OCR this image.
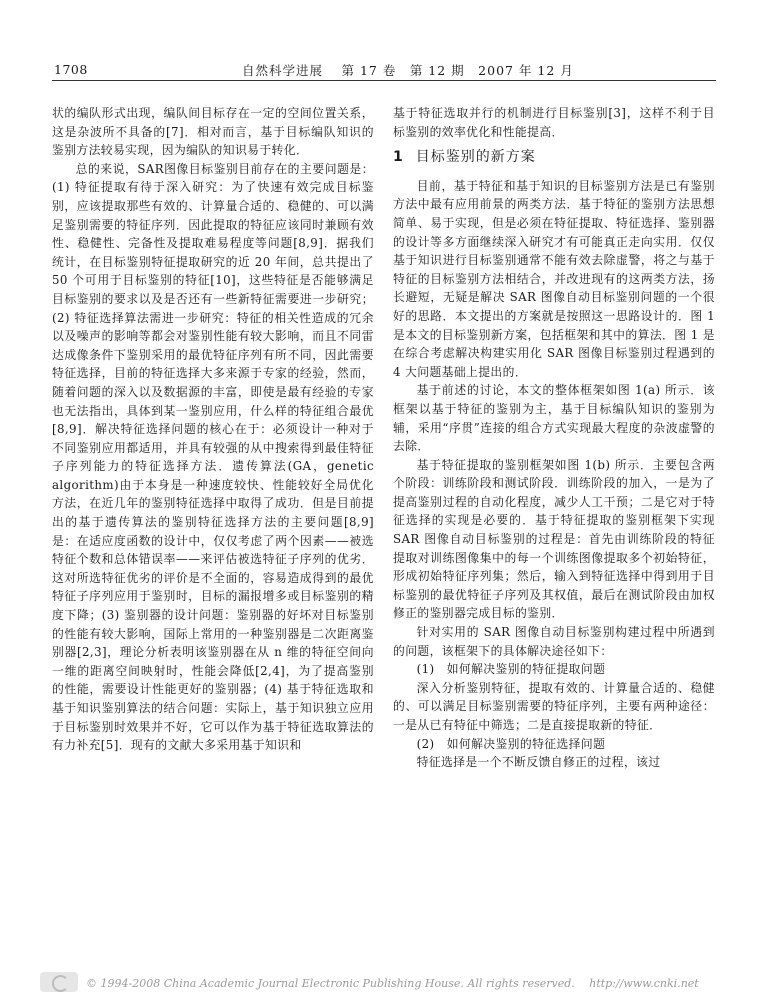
1708	自然科学进展　 第 17 卷　第 12 期　2007 年 12 月

状的编队形式出现，编队间目标存在一定的空间位置关系，这是杂波所不具备的[7]．相对而言，基于目标编队知识的鉴别方法较易实现，因为编队的知识易于转化．

总的来说，SAR图像目标鉴别目前存在的主要问题是：(1) 特征提取有待于深入研究：为了快速有效完成目标鉴别，应该提取那些有效的、计算量合适的、稳健的、可以满足鉴别需要的特征序列．因此提取的特征应该同时兼顾有效性、稳健性、完备性及提取难易程度等问题[8,9]．据我们统计，在目标鉴别特征提取研究的近 20 年间，总共提出了 50 个可用于目标鉴别的特征[10]，这些特征是否能够满足目标鉴别的要求以及是否还有一些新特征需要进一步研究；(2) 特征选择算法需进一步研究：特征的相关性造成的冗余以及噪声的影响等都会对鉴别性能有较大影响，而且不同雷达成像条件下鉴别采用的最优特征序列有所不同，因此需要特征选择，目前的特征选择大多来源于专家的经验，然而，随着问题的深入以及数据源的丰富，即使是最有经验的专家也无法指出，具体到某一鉴别应用，什么样的特征组合最优[8,9]．解决特征选择问题的核心在于：必须设计一种对于不同鉴别应用都适用，并具有较强的从中搜索得到最佳特征子序列能力的特征选择方法．遗传算法(GA，genetic algorithm)由于本身是一种速度较快、性能较好全局优化方法，在近几年的鉴别特征选择中取得了成功．但是目前提出的基于遗传算法的鉴别特征选择方法的主要问题[8,9]是：在适应度函数的设计中，仅仅考虑了两个因素——被选特征个数和总体错误率——来评估被选特征子序列的优劣．这对所选特征优劣的评价是不全面的，容易造成得到的最优特征子序列应用于鉴别时，目标的漏报增多或目标鉴别的精度下降；(3) 鉴别器的设计问题：鉴别器的好坏对目标鉴别的性能有较大影响，国际上常用的一种鉴别器是二次距离鉴别器[2,3]，理论分析表明该鉴别器在从 n 维的特征空间向一维的距离空间映射时，性能会降低[2,4]，为了提高鉴别的性能，需要设计性能更好的鉴别器；(4) 基于特征选取和基于知识鉴别算法的结合问题：实际上，基于知识独立应用于目标鉴别时效果并不好，它可以作为基于特征选取算法的有力补充[5]．现有的文献大多采用基于知识和

基于特征选取并行的机制进行目标鉴别[3]，这样不利于目标鉴别的效率优化和性能提高．

1 目标鉴别的新方案

目前，基于特征和基于知识的目标鉴别方法是已有鉴别方法中最有应用前景的两类方法．基于特征的鉴别方法思想简单、易于实现，但是必须在特征提取、特征选择、鉴别器的设计等多方面继续深入研究才有可能真正走向实用．仅仅基于知识进行目标鉴别通常不能有效去除虚警，将之与基于特征的目标鉴别方法相结合，并改进现有的这两类方法，扬长避短，无疑是解决 SAR 图像自动目标鉴别问题的一个很好的思路．本文提出的方案就是按照这一思路设计的．图 1 是本文的目标鉴别新方案，包括框架和其中的算法．图 1 是在综合考虑解决构建实用化 SAR 图像目标鉴别过程遇到的 4 大问题基础上提出的．

基于前述的讨论，本文的整体框架如图 1(a) 所示．该框架以基于特征的鉴别为主，基于目标编队知识的鉴别为辅，采用“序贯”连接的组合方式实现最大程度的杂波虚警的去除．

基于特征提取的鉴别框架如图 1(b) 所示．主要包含两个阶段：训练阶段和测试阶段．训练阶段的加入，一是为了提高鉴别过程的自动化程度，减少人工干预；二是它对于特征选择的实现是必要的．基于特征提取的鉴别框架下实现 SAR 图像自动目标鉴别的过程是：首先由训练阶段的特征提取对训练图像集中的每一个训练图像提取多个初始特征，形成初始特征序列集；然后，输入到特征选择中得到用于目标鉴别的最优特征子序列及其权值，最后在测试阶段由加权修正的鉴别器完成目标的鉴别．

针对实用的 SAR 图像自动目标鉴别构建过程中所遇到的问题，该框架下的具体解决途径如下：

(1)　如何解决鉴别的特征提取问题

深入分析鉴别特征，提取有效的、计算量合适的、稳健的、可以满足目标鉴别需要的特征序列，主要有两种途径：一是从已有特征中筛选；二是直接提取新的特征．

(2)　如何解决鉴别的特征选择问题

特征选择是一个不断反馈自修正的过程，该过

© 1994-2008 China Academic Journal Electronic Publishing House. All rights reserved.　 http://www.cnki.net
